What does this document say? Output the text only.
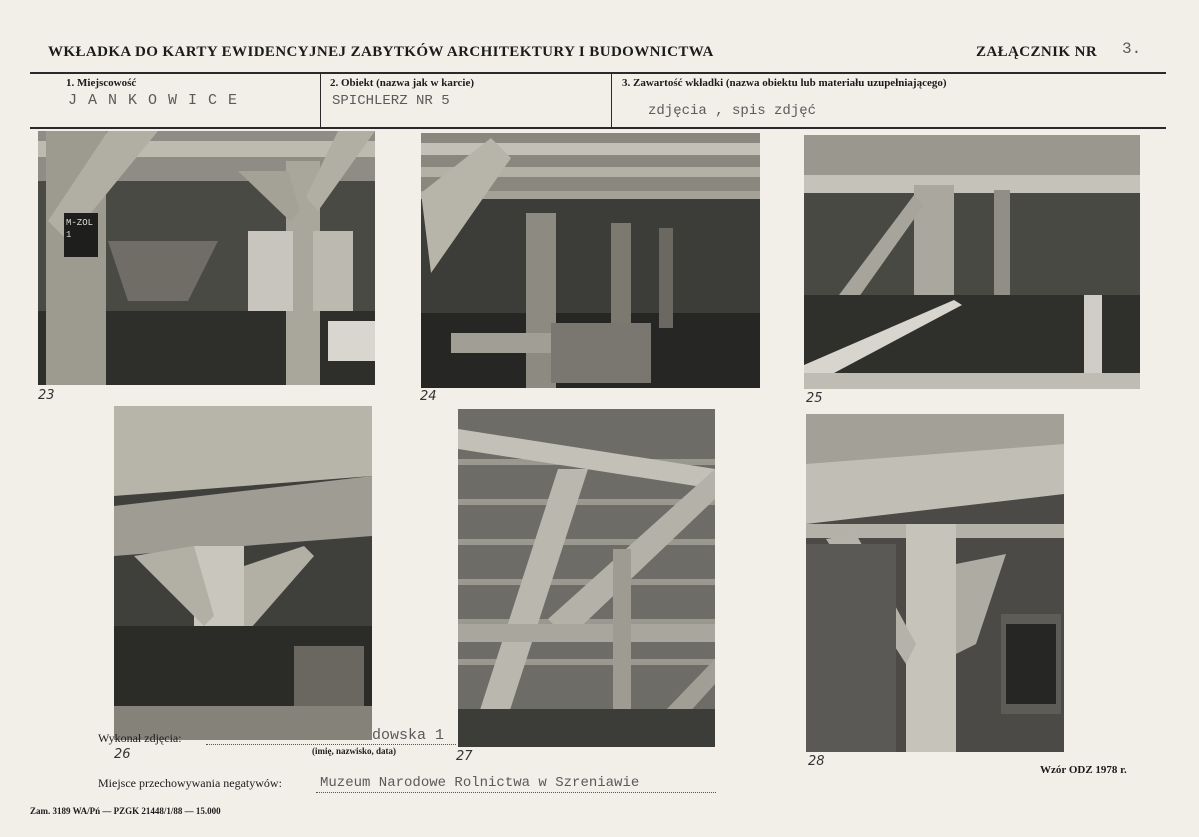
WKŁADKA DO KARTY EWIDENCYJNEJ ZABYTKÓW ARCHITEKTURY I BUDOWNICTWA	ZAŁĄCZNIK NR 3.
1. Miejscowość
J A N K O W I C E
2. Obiekt (nazwa jak w karcie)
SPICHLERZ NR 5
3. Zawartość wkładki (nazwa obiektu lub materiału uzupełniającego)
zdjęcia , spis zdjęć
M-ZOL
1
23	24	25
Wykonał zdjęcia:	dowska 1
(imię, nazwisko, data)
26	27	28
Wzór ODZ 1978 r.
Miejsce przechowywania negatywów:	Muzeum Narodowe Rolnictwa w Szreniawie
Zam. 3189 WA/Pń — PZGK 21448/1/88 — 15.000
